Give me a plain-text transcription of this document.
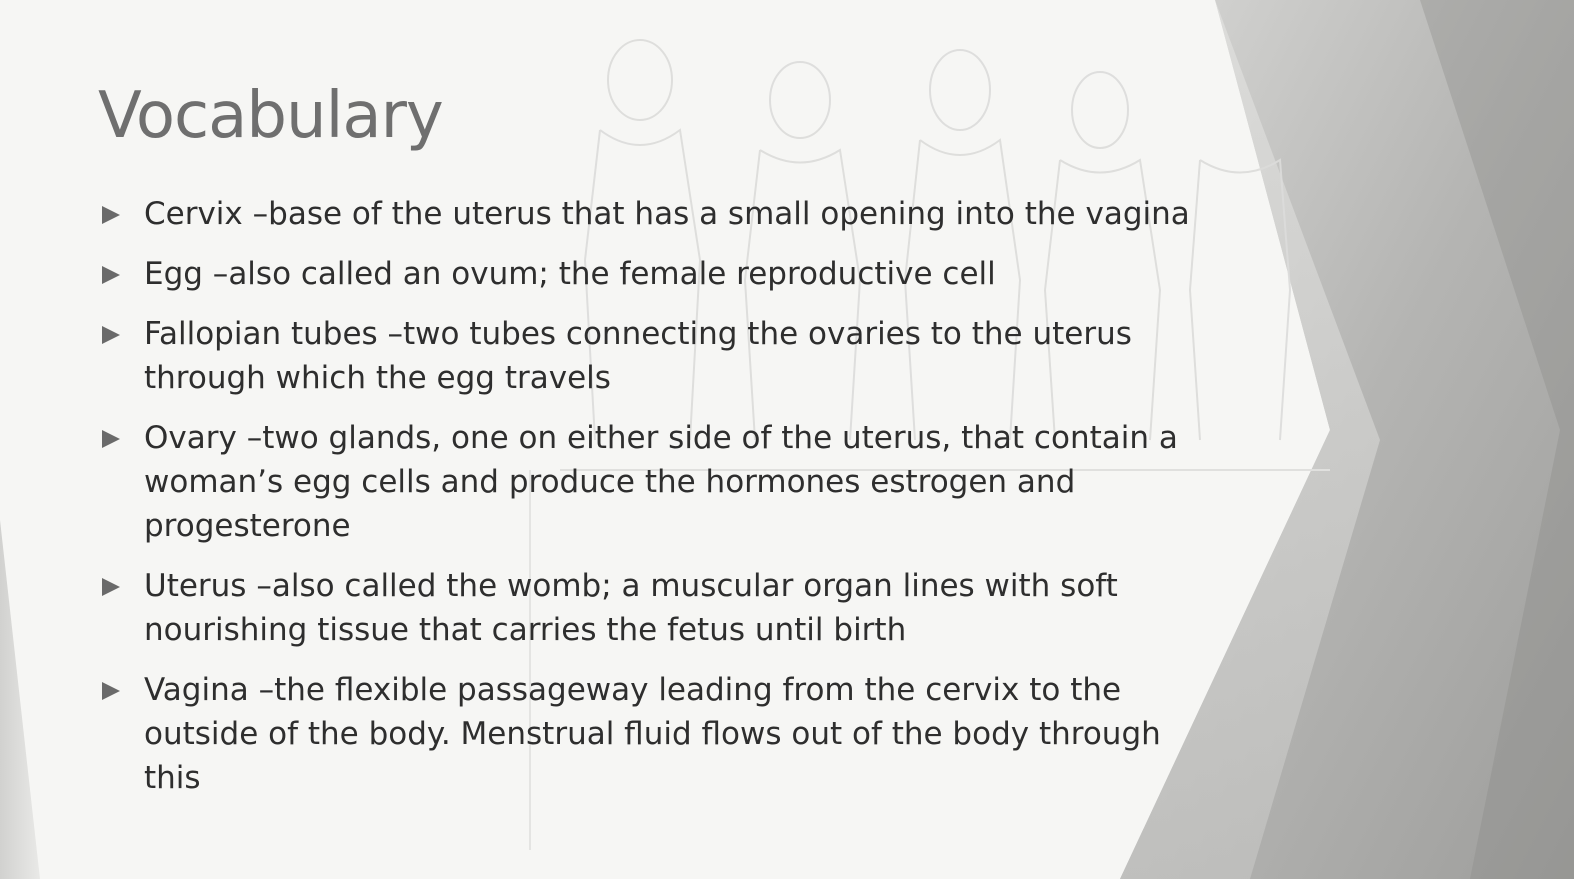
Vocabulary
Cervix –base of the uterus that has a small opening into the vagina
Egg –also called an ovum; the female reproductive cell
Fallopian tubes –two tubes connecting the ovaries to the uterus through which the egg travels
Ovary –two glands, one on either side of the uterus, that contain a woman’s egg cells and produce the hormones estrogen and progesterone
Uterus –also called the womb; a muscular organ lines with soft nourishing tissue that carries the fetus until birth
Vagina –the flexible passageway leading from the cervix to the outside of the body. Menstrual fluid flows out of the body through this
